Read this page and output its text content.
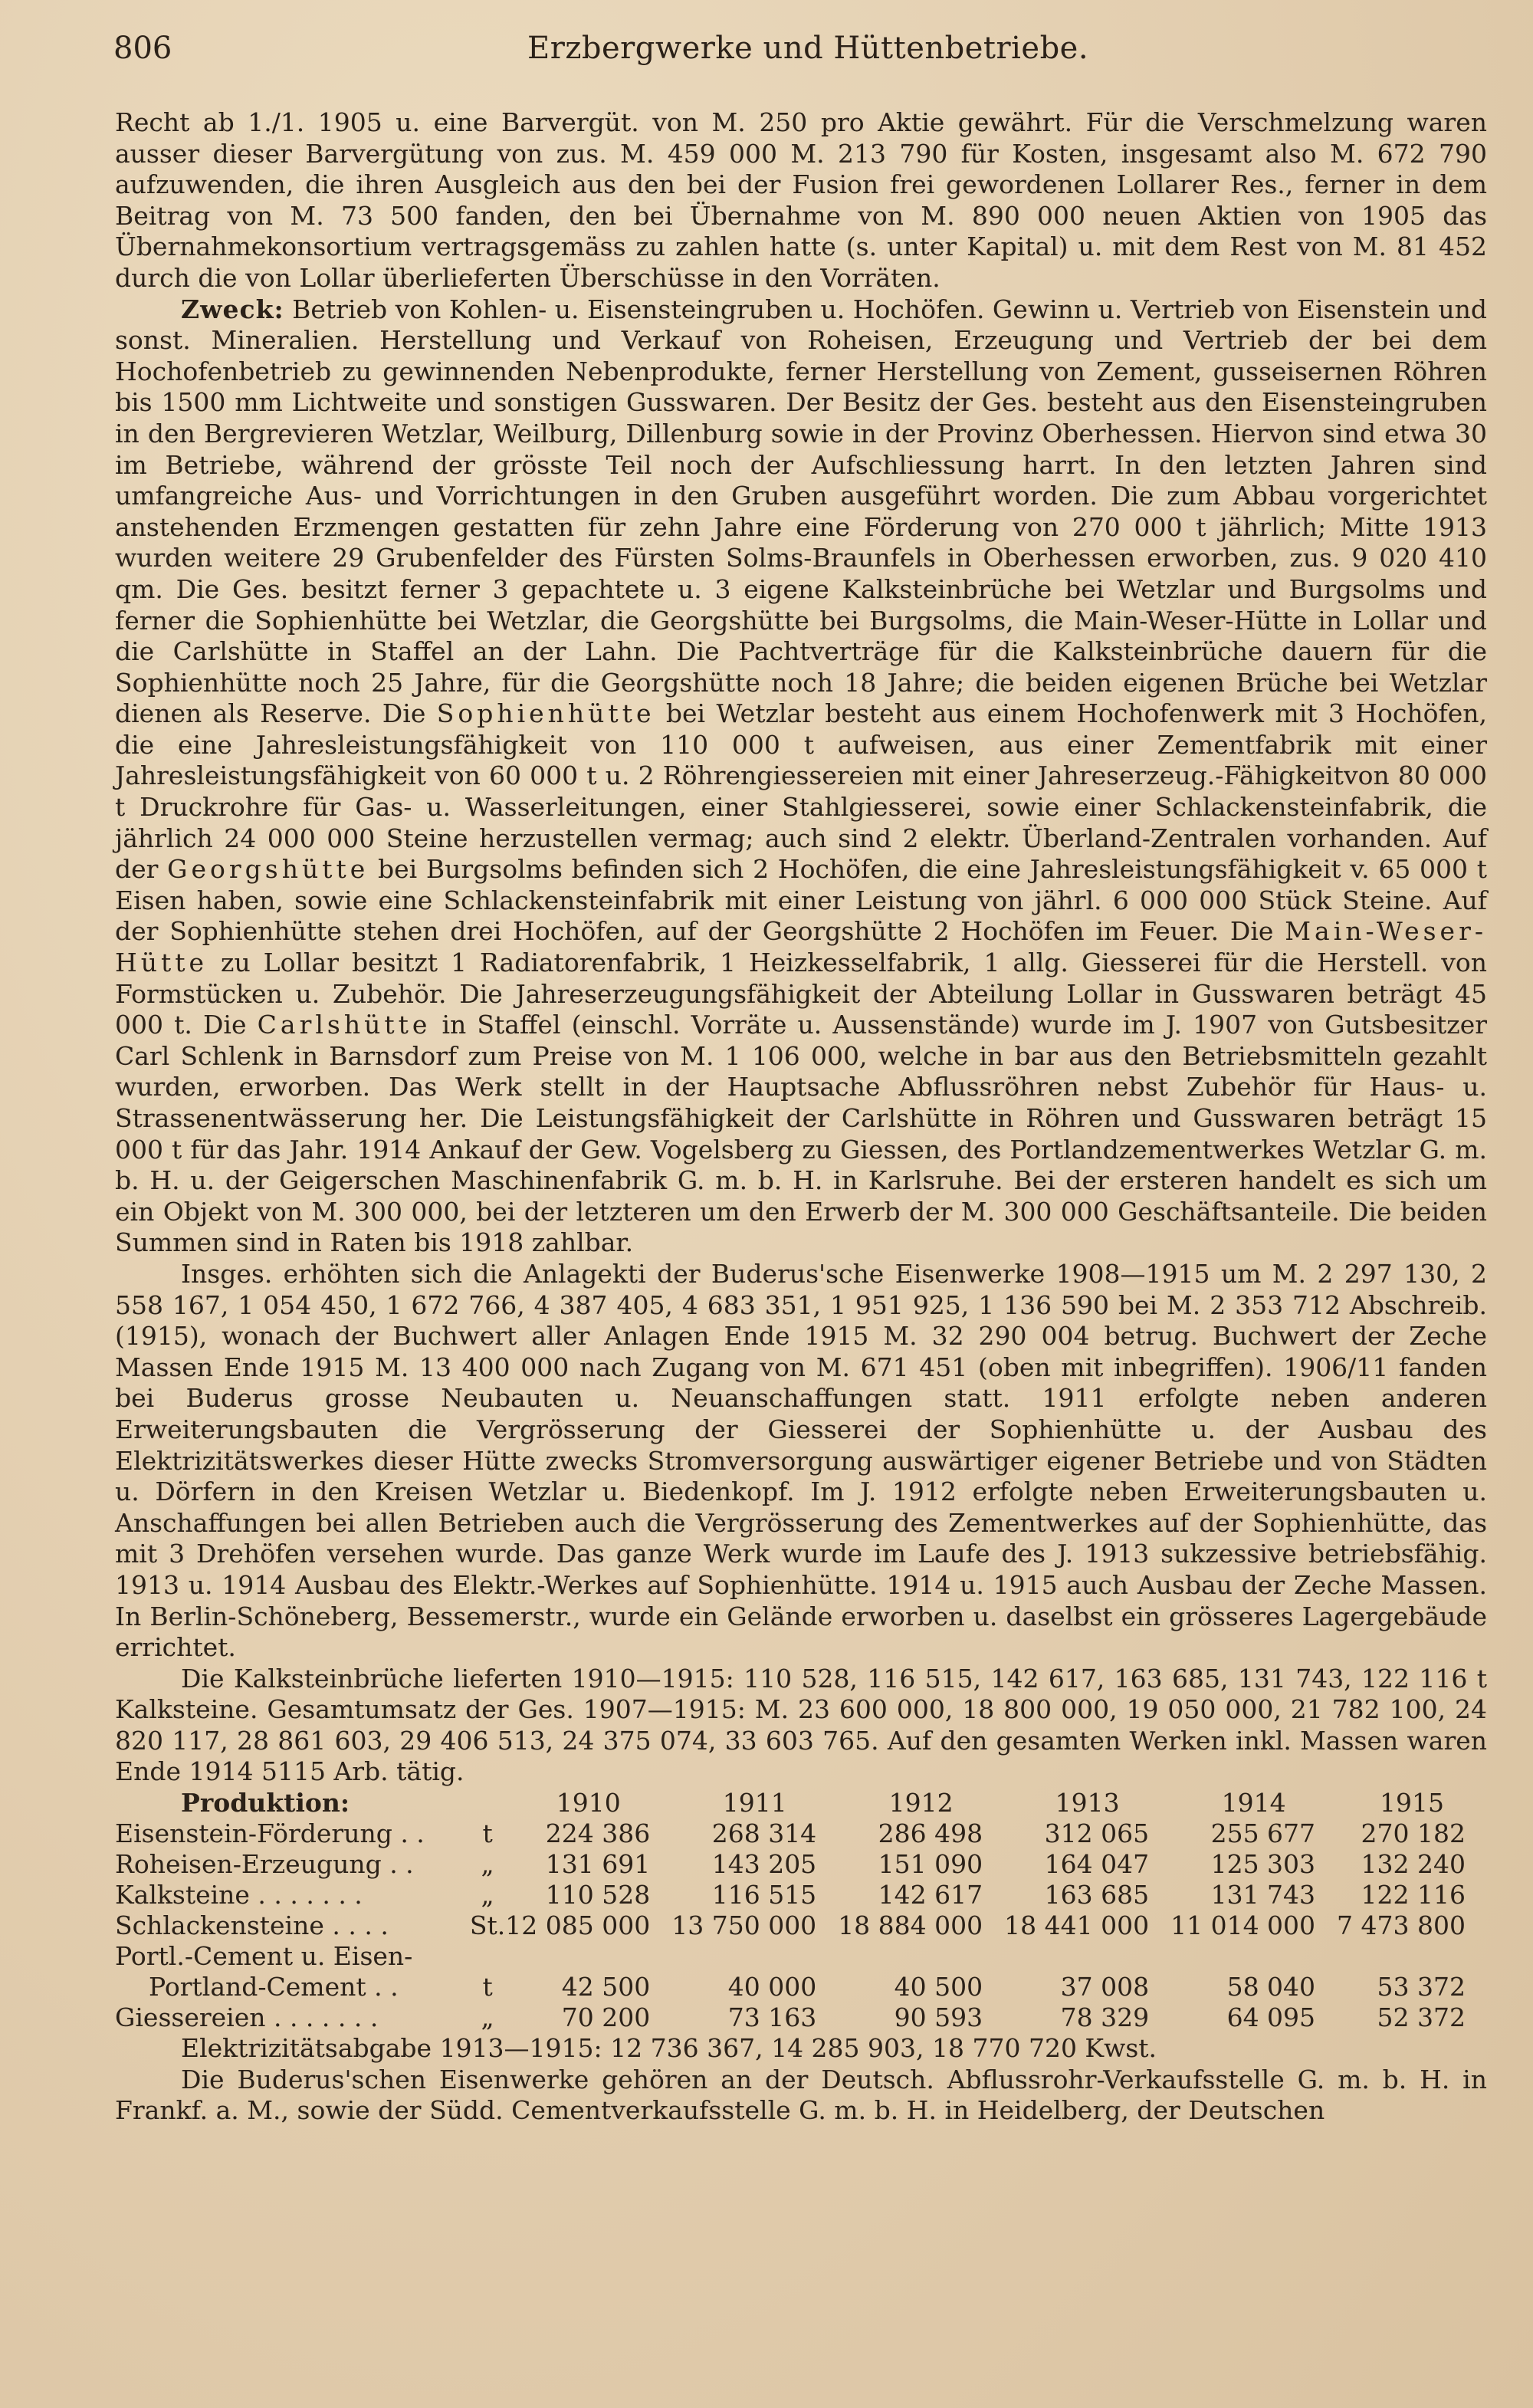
806	Erzbergwerke und Hüttenbetriebe.

Recht ab 1./1. 1905 u. eine Barvergüt. von M. 250 pro Aktie gewährt. Für die Verschmelzung waren ausser dieser Barvergütung von zus. M. 459 000 M. 213 790 für Kosten, insgesamt also M. 672 790 aufzuwenden, die ihren Ausgleich aus den bei der Fusion frei gewordenen Lollarer Res., ferner in dem Beitrag von M. 73 500 fanden, den bei Übernahme von M. 890 000 neuen Aktien von 1905 das Übernahmekonsortium vertragsgemäss zu zahlen hatte (s. unter Kapital) u. mit dem Rest von M. 81 452 durch die von Lollar überlieferten Überschüsse in den Vorräten.

Zweck: Betrieb von Kohlen- u. Eisensteingruben u. Hochöfen. Gewinn u. Vertrieb von Eisenstein und sonst. Mineralien. Herstellung und Verkauf von Roheisen, Erzeugung und Vertrieb der bei dem Hochofenbetrieb zu gewinnenden Nebenprodukte, ferner Herstellung von Zement, gusseisernen Röhren bis 1500 mm Lichtweite und sonstigen Gusswaren. Der Besitz der Ges. besteht aus den Eisensteingruben in den Bergrevieren Wetzlar, Weilburg, Dillenburg sowie in der Provinz Oberhessen. Hiervon sind etwa 30 im Betriebe, während der grösste Teil noch der Aufschliessung harrt. In den letzten Jahren sind umfangreiche Aus- und Vorrichtungen in den Gruben ausgeführt worden. Die zum Abbau vorgerichtet anstehenden Erzmengen gestatten für zehn Jahre eine Förderung von 270 000 t jährlich; Mitte 1913 wurden weitere 29 Grubenfelder des Fürsten Solms-Braunfels in Oberhessen erworben, zus. 9 020 410 qm. Die Ges. besitzt ferner 3 gepachtete u. 3 eigene Kalksteinbrüche bei Wetzlar und Burgsolms und ferner die Sophienhütte bei Wetzlar, die Georgshütte bei Burgsolms, die Main-Weser-Hütte in Lollar und die Carlshütte in Staffel an der Lahn. Die Pachtverträge für die Kalksteinbrüche dauern für die Sophienhütte noch 25 Jahre, für die Georgshütte noch 18 Jahre; die beiden eigenen Brüche bei Wetzlar dienen als Reserve. Die Sophienhütte bei Wetzlar besteht aus einem Hochofenwerk mit 3 Hochöfen, die eine Jahresleistungsfähigkeit von 110 000 t aufweisen, aus einer Zementfabrik mit einer Jahresleistungsfähigkeit von 60 000 t u. 2 Röhrengiessereien mit einer Jahreserzeug.-Fähigkeitvon 80 000 t Druckrohre für Gas- u. Wasserleitungen, einer Stahlgiesserei, sowie einer Schlackensteinfabrik, die jährlich 24 000 000 Steine herzustellen vermag; auch sind 2 elektr. Überland-Zentralen vorhanden. Auf der Georgshütte bei Burgsolms befinden sich 2 Hochöfen, die eine Jahresleistungsfähigkeit v. 65 000 t Eisen haben, sowie eine Schlackensteinfabrik mit einer Leistung von jährl. 6 000 000 Stück Steine. Auf der Sophienhütte stehen drei Hochöfen, auf der Georgshütte 2 Hochöfen im Feuer. Die Main-Weser-Hütte zu Lollar besitzt 1 Radiatorenfabrik, 1 Heizkesselfabrik, 1 allg. Giesserei für die Herstell. von Formstücken u. Zubehör. Die Jahreserzeugungsfähigkeit der Abteilung Lollar in Gusswaren beträgt 45 000 t. Die Carlshütte in Staffel (einschl. Vorräte u. Aussenstände) wurde im J. 1907 von Gutsbesitzer Carl Schlenk in Barnsdorf zum Preise von M. 1 106 000, welche in bar aus den Betriebsmitteln gezahlt wurden, erworben. Das Werk stellt in der Hauptsache Abflussröhren nebst Zubehör für Haus- u. Strassenentwässerung her. Die Leistungsfähigkeit der Carlshütte in Röhren und Gusswaren beträgt 15 000 t für das Jahr. 1914 Ankauf der Gew. Vogelsberg zu Giessen, des Portlandzementwerkes Wetzlar G. m. b. H. u. der Geigerschen Maschinenfabrik G. m. b. H. in Karlsruhe. Bei der ersteren handelt es sich um ein Objekt von M. 300 000, bei der letzteren um den Erwerb der M. 300 000 Geschäftsanteile. Die beiden Summen sind in Raten bis 1918 zahlbar.

Insges. erhöhten sich die Anlagekti der Buderus'sche Eisenwerke 1908—1915 um M. 2 297 130, 2 558 167, 1 054 450, 1 672 766, 4 387 405, 4 683 351, 1 951 925, 1 136 590 bei M. 2 353 712 Abschreib. (1915), wonach der Buchwert aller Anlagen Ende 1915 M. 32 290 004 betrug. Buchwert der Zeche Massen Ende 1915 M. 13 400 000 nach Zugang von M. 671 451 (oben mit inbegriffen). 1906/11 fanden bei Buderus grosse Neubauten u. Neuanschaffungen statt. 1911 erfolgte neben anderen Erweiterungsbauten die Vergrösserung der Giesserei der Sophienhütte u. der Ausbau des Elektrizitätswerkes dieser Hütte zwecks Stromversorgung auswärtiger eigener Betriebe und von Städten u. Dörfern in den Kreisen Wetzlar u. Biedenkopf. Im J. 1912 erfolgte neben Erweiterungsbauten u. Anschaffungen bei allen Betrieben auch die Vergrösserung des Zementwerkes auf der Sophienhütte, das mit 3 Drehöfen versehen wurde. Das ganze Werk wurde im Laufe des J. 1913 sukzessive betriebsfähig. 1913 u. 1914 Ausbau des Elektr.-Werkes auf Sophienhütte. 1914 u. 1915 auch Ausbau der Zeche Massen. In Berlin-Schöneberg, Bessemerstr., wurde ein Gelände erworben u. daselbst ein grösseres Lagergebäude errichtet.

Die Kalksteinbrüche lieferten 1910—1915: 110 528, 116 515, 142 617, 163 685, 131 743, 122 116 t Kalksteine. Gesamtumsatz der Ges. 1907—1915: M. 23 600 000, 18 800 000, 19 050 000, 21 782 100, 24 820 117, 28 861 603, 29 406 513, 24 375 074, 33 603 765. Auf den gesamten Werken inkl. Massen waren Ende 1914 5115 Arb. tätig.

Produktion:		1910	1911	1912	1913	1914	1915
Eisenstein-Förderung . .	t	224 386	268 314	286 498	312 065	255 677	270 182
Roheisen-Erzeugung . .	„	131 691	143 205	151 090	164 047	125 303	132 240
Kalksteine . . . . . . .	„	110 528	116 515	142 617	163 685	131 743	122 116
Schlackensteine . . . .	St.	12 085 000	13 750 000	18 884 000	18 441 000	11 014 000	7 473 800
Portl.-Cement u. Eisen-							
Portland-Cement . .	t	42 500	40 000	40 500	37 008	58 040	53 372
Giessereien . . . . . . .	„	70 200	73 163	90 593	78 329	64 095	52 372

Elektrizitätsabgabe 1913—1915: 12 736 367, 14 285 903, 18 770 720 Kwst.

Die Buderus'schen Eisenwerke gehören an der Deutsch. Abflussrohr-Verkaufsstelle G. m. b. H. in Frankf. a. M., sowie der Südd. Cementverkaufsstelle G. m. b. H. in Heidelberg, der Deutschen
